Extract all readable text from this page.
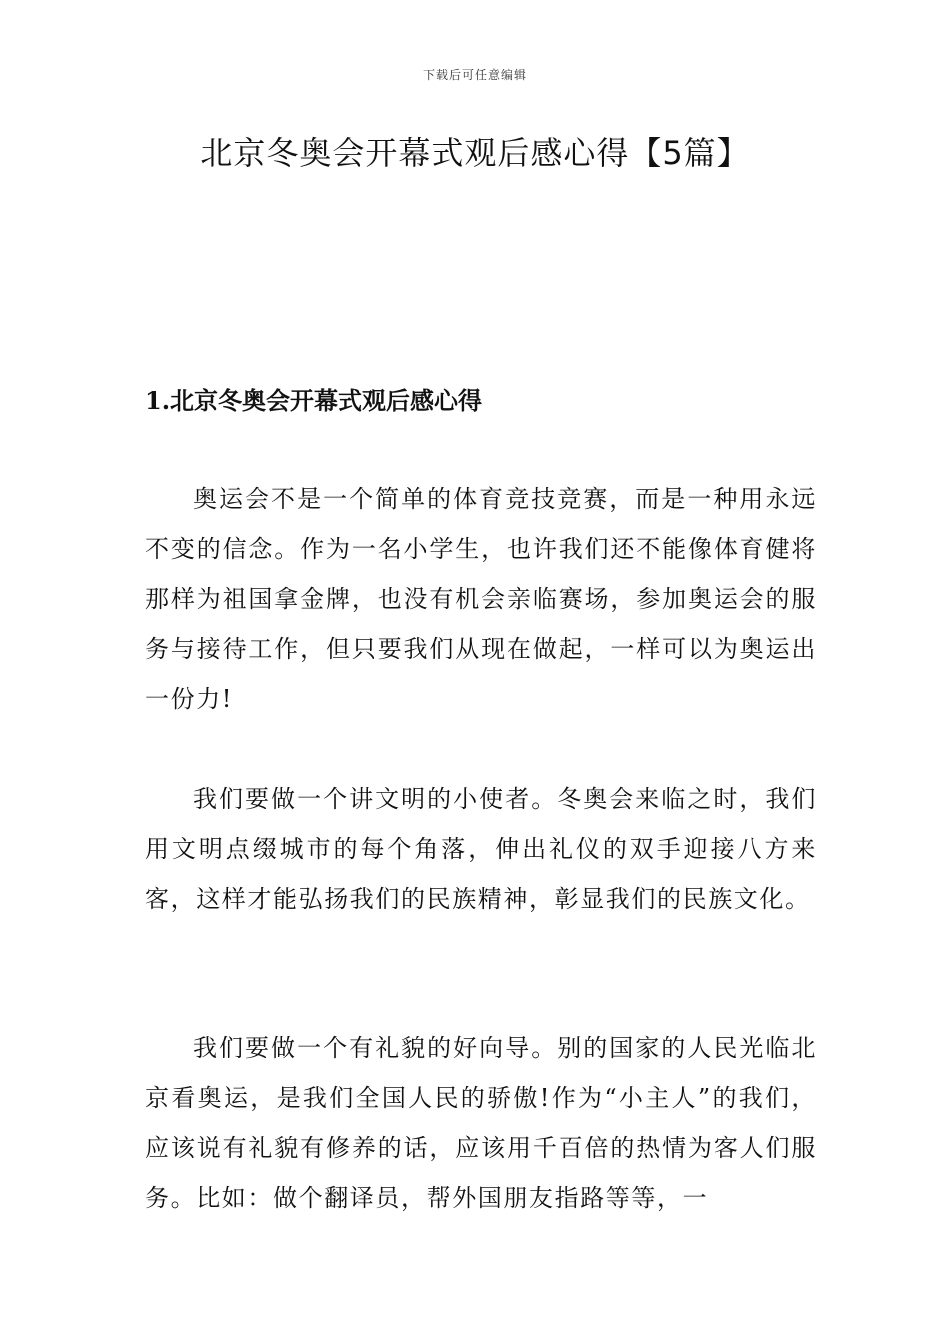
下载后可任意编辑
北京冬奥会开幕式观后感心得【5篇】
1.北京冬奥会开幕式观后感心得

奥运会不是一个简单的体育竞技竞赛，而是一种用永远不变的信念。作为一名小学生，也许我们还不能像体育健将那样为祖国拿金牌，也没有机会亲临赛场，参加奥运会的服务与接待工作，但只要我们从现在做起，一样可以为奥运出一份力!

我们要做一个讲文明的小使者。冬奥会来临之时，我们用文明点缀城市的每个角落，伸出礼仪的双手迎接八方来客，这样才能弘扬我们的民族精神，彰显我们的民族文化。

我们要做一个有礼貌的好向导。别的国家的人民光临北京看奥运，是我们全国人民的骄傲!作为“小主人”的我们，应该说有礼貌有修养的话，应该用千百倍的热情为客人们服务。比如：做个翻译员，帮外国朋友指路等等，一
